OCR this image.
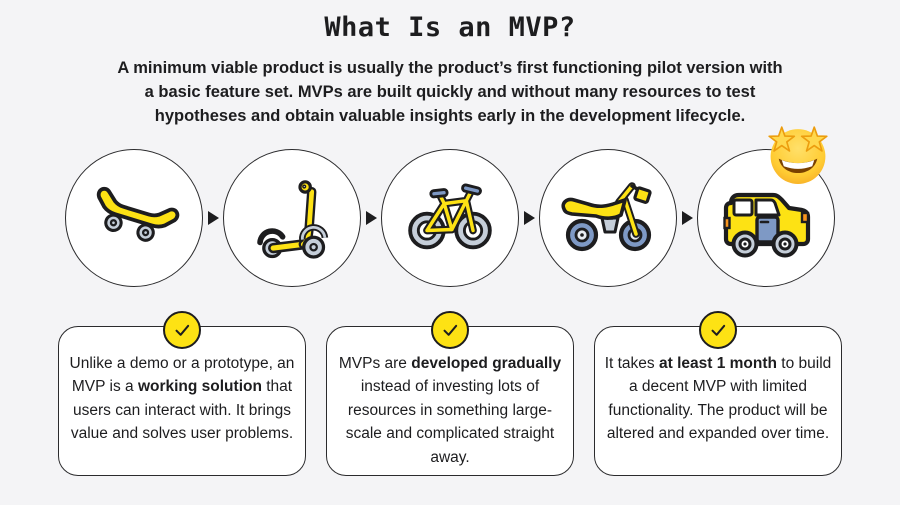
What Is an MVP?
A minimum viable product is usually the product’s first functioning pilot version with
a basic feature set. MVPs are built quickly and without many resources to test
hypotheses and obtain valuable insights early in the development lifecycle.
Unlike a demo or a prototype, an MVP is a working solution that users can interact with. It brings value and solves user problems.
MVPs are developed gradually instead of investing lots of resources in something large-scale and complicated straight away.
It takes at least 1 month to build a decent MVP with limited functionality. The product will be altered and expanded over time.
